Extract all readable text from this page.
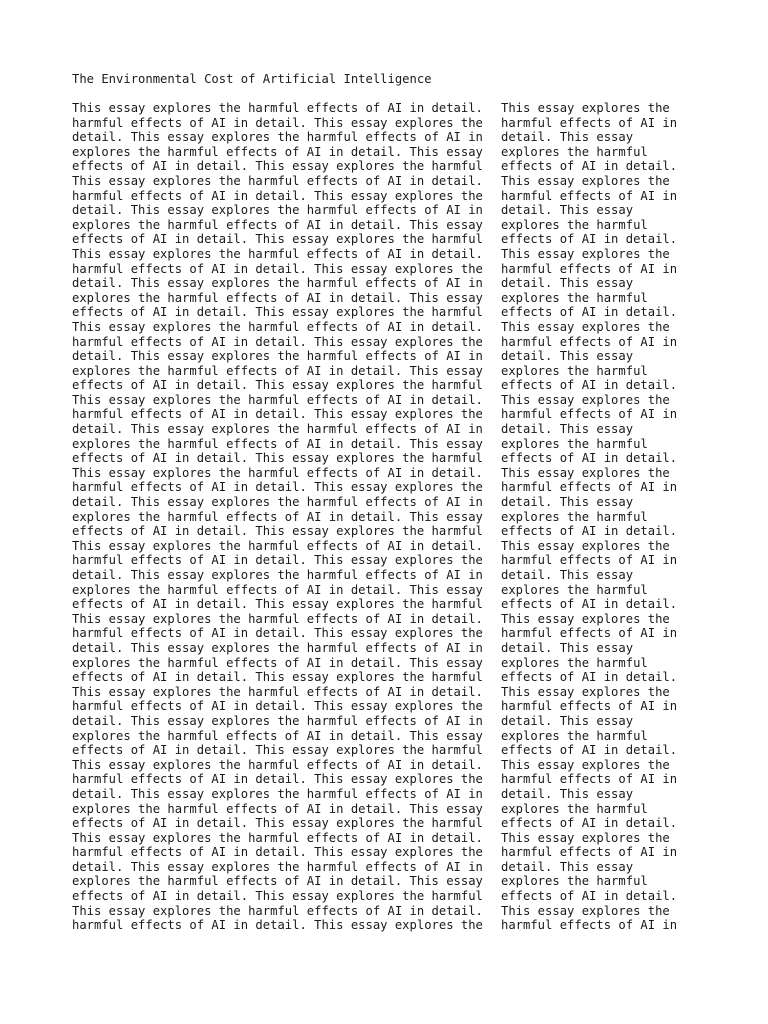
The Environmental Cost of Artificial Intelligence
This essay explores the harmful effects of AI in detail.
harmful effects of AI in detail. This essay explores the
detail. This essay explores the harmful effects of AI in
explores the harmful effects of AI in detail. This essay
effects of AI in detail. This essay explores the harmful
This essay explores the harmful effects of AI in detail.
harmful effects of AI in detail. This essay explores the
detail. This essay explores the harmful effects of AI in
explores the harmful effects of AI in detail. This essay
effects of AI in detail. This essay explores the harmful
This essay explores the harmful effects of AI in detail.
harmful effects of AI in detail. This essay explores the
detail. This essay explores the harmful effects of AI in
explores the harmful effects of AI in detail. This essay
effects of AI in detail. This essay explores the harmful
This essay explores the harmful effects of AI in detail.
harmful effects of AI in detail. This essay explores the
detail. This essay explores the harmful effects of AI in
explores the harmful effects of AI in detail. This essay
effects of AI in detail. This essay explores the harmful
This essay explores the harmful effects of AI in detail.
harmful effects of AI in detail. This essay explores the
detail. This essay explores the harmful effects of AI in
explores the harmful effects of AI in detail. This essay
effects of AI in detail. This essay explores the harmful
This essay explores the harmful effects of AI in detail.
harmful effects of AI in detail. This essay explores the
detail. This essay explores the harmful effects of AI in
explores the harmful effects of AI in detail. This essay
effects of AI in detail. This essay explores the harmful
This essay explores the harmful effects of AI in detail.
harmful effects of AI in detail. This essay explores the
detail. This essay explores the harmful effects of AI in
explores the harmful effects of AI in detail. This essay
effects of AI in detail. This essay explores the harmful
This essay explores the harmful effects of AI in detail.
harmful effects of AI in detail. This essay explores the
detail. This essay explores the harmful effects of AI in
explores the harmful effects of AI in detail. This essay
effects of AI in detail. This essay explores the harmful
This essay explores the harmful effects of AI in detail.
harmful effects of AI in detail. This essay explores the
detail. This essay explores the harmful effects of AI in
explores the harmful effects of AI in detail. This essay
effects of AI in detail. This essay explores the harmful
This essay explores the harmful effects of AI in detail.
harmful effects of AI in detail. This essay explores the
detail. This essay explores the harmful effects of AI in
explores the harmful effects of AI in detail. This essay
effects of AI in detail. This essay explores the harmful
This essay explores the harmful effects of AI in detail.
harmful effects of AI in detail. This essay explores the
detail. This essay explores the harmful effects of AI in
explores the harmful effects of AI in detail. This essay
effects of AI in detail. This essay explores the harmful
This essay explores the harmful effects of AI in detail.
harmful effects of AI in detail. This essay explores the
This essay explores the
harmful effects of AI in
detail. This essay
explores the harmful
effects of AI in detail.
This essay explores the
harmful effects of AI in
detail. This essay
explores the harmful
effects of AI in detail.
This essay explores the
harmful effects of AI in
detail. This essay
explores the harmful
effects of AI in detail.
This essay explores the
harmful effects of AI in
detail. This essay
explores the harmful
effects of AI in detail.
This essay explores the
harmful effects of AI in
detail. This essay
explores the harmful
effects of AI in detail.
This essay explores the
harmful effects of AI in
detail. This essay
explores the harmful
effects of AI in detail.
This essay explores the
harmful effects of AI in
detail. This essay
explores the harmful
effects of AI in detail.
This essay explores the
harmful effects of AI in
detail. This essay
explores the harmful
effects of AI in detail.
This essay explores the
harmful effects of AI in
detail. This essay
explores the harmful
effects of AI in detail.
This essay explores the
harmful effects of AI in
detail. This essay
explores the harmful
effects of AI in detail.
This essay explores the
harmful effects of AI in
detail. This essay
explores the harmful
effects of AI in detail.
This essay explores the
harmful effects of AI in
